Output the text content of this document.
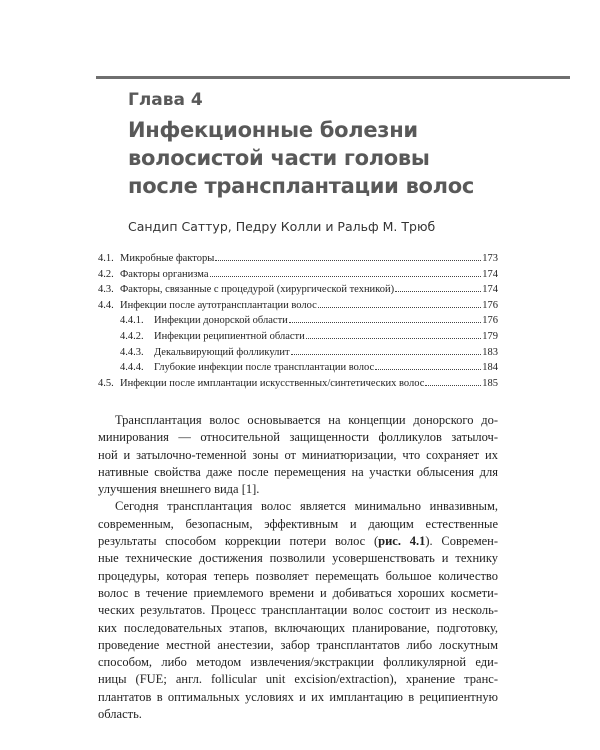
Глава 4
Инфекционные болезни
волосистой части головы
после трансплантации волос
Сандип Саттур, Педру Колли и Ральф М. Трюб
4.1. Микробные факторы	173
4.2. Факторы организма	174
4.3. Факторы, связанные с процедурой (хирургической техникой)	174
4.4. Инфекции после аутотрансплантации волос	176
4.4.1. Инфекции донорской области	176
4.4.2. Инфекции реципиентной области	179
4.4.3. Декальвирующий фолликулит	183
4.4.4. Глубокие инфекции после трансплантации волос	184
4.5. Инфекции после имплантации искусственных/синтетических волос	185
Трансплантация волос основывается на концепции донорского до-
минирования — относительной защищенности фолликулов затылоч-
ной и затылочно-теменной зоны от миниатюризации, что сохраняет их
нативные свойства даже после перемещения на участки облысения для
улучшения внешнего вида [1].
Сегодня трансплантация волос является минимально инвазивным,
современным, безопасным, эффективным и дающим естественные
результаты способом коррекции потери волос (рис. 4.1). Современ-
ные технические достижения позволили усовершенствовать и технику
процедуры, которая теперь позволяет перемещать большое количество
волос в течение приемлемого времени и добиваться хороших космети-
ческих результатов. Процесс трансплантации волос состоит из несколь-
ких последовательных этапов, включающих планирование, подготовку,
проведение местной анестезии, забор трансплантатов либо лоскутным
способом, либо методом извлечения/экстракции фолликулярной еди-
ницы (FUE; англ. follicular unit excision/extraction), хранение транс-
плантатов в оптимальных условиях и их имплантацию в реципиентную
область.
